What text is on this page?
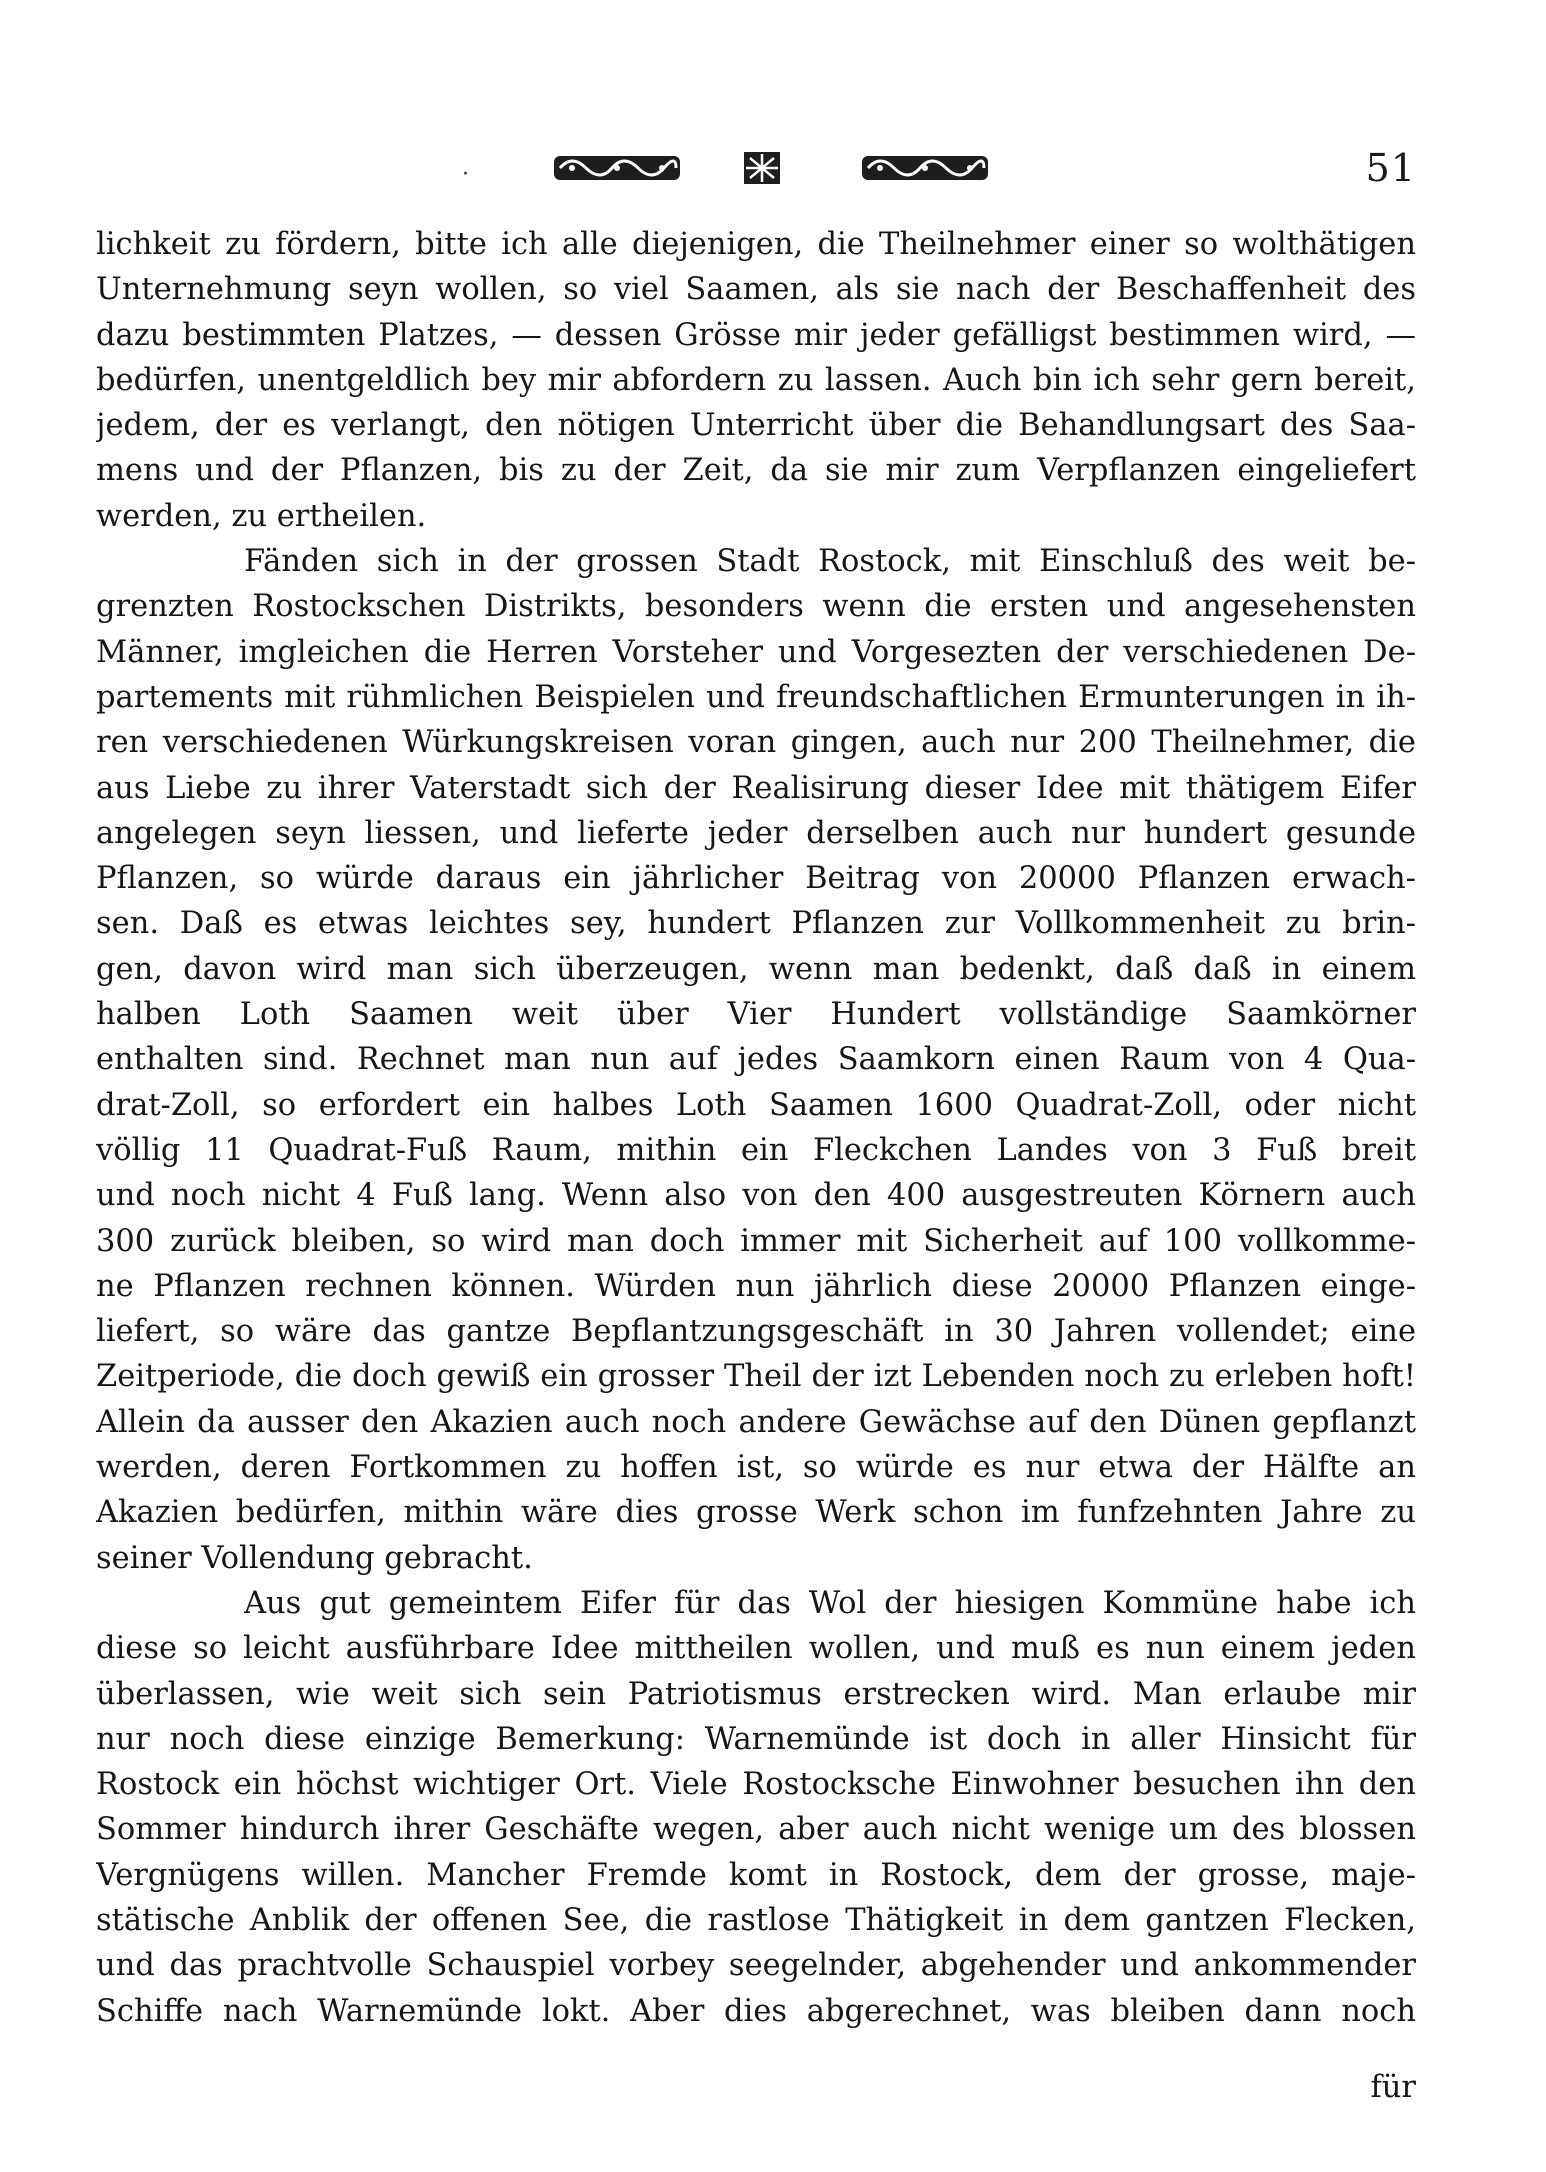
·	51
lichkeit zu fördern, bitte ich alle diejenigen, die Theilnehmer einer so wolthätigen
Unternehmung seyn wollen, so viel Saamen, als sie nach der Beschaffenheit des
dazu bestimmten Platzes, — dessen Grösse mir jeder gefälligst bestimmen wird, —
bedürfen, unentgeldlich bey mir abfordern zu lassen. Auch bin ich sehr gern bereit,
jedem, der es verlangt, den nötigen Unterricht über die Behandlungsart des Saa-
mens und der Pflanzen, bis zu der Zeit, da sie mir zum Verpflanzen eingeliefert
werden, zu ertheilen.
Fänden sich in der grossen Stadt Rostock, mit Einschluß des weit be-
grenzten Rostockschen Distrikts, besonders wenn die ersten und angesehensten
Männer, imgleichen die Herren Vorsteher und Vorgesezten der verschiedenen De-
partements mit rühmlichen Beispielen und freundschaftlichen Ermunterungen in ih-
ren verschiedenen Würkungskreisen voran gingen, auch nur 200 Theilnehmer, die
aus Liebe zu ihrer Vaterstadt sich der Realisirung dieser Idee mit thätigem Eifer
angelegen seyn liessen, und lieferte jeder derselben auch nur hundert gesunde
Pflanzen, so würde daraus ein jährlicher Beitrag von 20000 Pflanzen erwach-
sen. Daß es etwas leichtes sey, hundert Pflanzen zur Vollkommenheit zu brin-
gen, davon wird man sich überzeugen, wenn man bedenkt, daß daß in einem
halben Loth Saamen weit über Vier Hundert vollständige Saamkörner
enthalten sind. Rechnet man nun auf jedes Saamkorn einen Raum von 4 Qua-
drat-Zoll, so erfordert ein halbes Loth Saamen 1600 Quadrat-Zoll, oder nicht
völlig 11 Quadrat-Fuß Raum, mithin ein Fleckchen Landes von 3 Fuß breit
und noch nicht 4 Fuß lang. Wenn also von den 400 ausgestreuten Körnern auch
300 zurück bleiben, so wird man doch immer mit Sicherheit auf 100 vollkomme-
ne Pflanzen rechnen können. Würden nun jährlich diese 20000 Pflanzen einge-
liefert, so wäre das gantze Bepflantzungsgeschäft in 30 Jahren vollendet; eine
Zeitperiode, die doch gewiß ein grosser Theil der izt Lebenden noch zu erleben hoft!
Allein da ausser den Akazien auch noch andere Gewächse auf den Dünen gepflanzt
werden, deren Fortkommen zu hoffen ist, so würde es nur etwa der Hälfte an
Akazien bedürfen, mithin wäre dies grosse Werk schon im funfzehnten Jahre zu
seiner Vollendung gebracht.
Aus gut gemeintem Eifer für das Wol der hiesigen Kommüne habe ich
diese so leicht ausführbare Idee mittheilen wollen, und muß es nun einem jeden
überlassen, wie weit sich sein Patriotismus erstrecken wird. Man erlaube mir
nur noch diese einzige Bemerkung: Warnemünde ist doch in aller Hinsicht für
Rostock ein höchst wichtiger Ort. Viele Rostocksche Einwohner besuchen ihn den
Sommer hindurch ihrer Geschäfte wegen, aber auch nicht wenige um des blossen
Vergnügens willen. Mancher Fremde komt in Rostock, dem der grosse, maje-
stätische Anblik der offenen See, die rastlose Thätigkeit in dem gantzen Flecken,
und das prachtvolle Schauspiel vorbey seegelnder, abgehender und ankommender
Schiffe nach Warnemünde lokt. Aber dies abgerechnet, was bleiben dann noch
für
